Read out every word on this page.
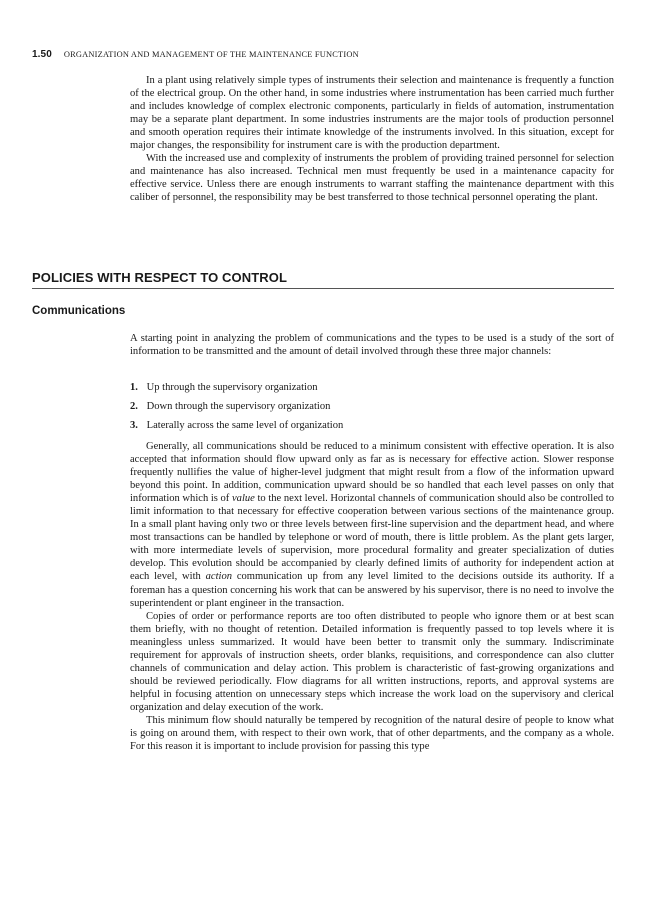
1.50 ORGANIZATION AND MANAGEMENT OF THE MAINTENANCE FUNCTION

In a plant using relatively simple types of instruments their selection and maintenance is frequently a function of the electrical group. On the other hand, in some industries where instrumentation has been carried much further and includes knowledge of complex electronic components, particularly in fields of automation, instrumentation may be a separate plant department. In some industries instruments are the major tools of production personnel and smooth operation requires their intimate knowledge of the instruments involved. In this situation, except for major changes, the responsibility for instrument care is with the production department.

With the increased use and complexity of instruments the problem of providing trained personnel for selection and maintenance has also increased. Technical men must frequently be used in a maintenance capacity for effective service. Unless there are enough instruments to warrant staffing the maintenance department with this caliber of personnel, the responsibility may be best transferred to those technical personnel operating the plant.

POLICIES WITH RESPECT TO CONTROL
Communications

A starting point in analyzing the problem of communications and the types to be used is a study of the sort of information to be transmitted and the amount of detail involved through these three major channels:

1. Up through the supervisory organization
2. Down through the supervisory organization
3. Laterally across the same level of organization

Generally, all communications should be reduced to a minimum consistent with effective operation. It is also accepted that information should flow upward only as far as is necessary for effective action. Slower response frequently nullifies the value of higher-level judgment that might result from a flow of the information upward beyond this point. In addition, communication upward should be so handled that each level passes on only that information which is of value to the next level. Horizontal channels of communication should also be controlled to limit information to that necessary for effective cooperation between various sections of the maintenance group. In a small plant having only two or three levels between first-line supervision and the department head, and where most transactions can be handled by telephone or word of mouth, there is little problem. As the plant gets larger, with more intermediate levels of supervision, more procedural formality and greater specialization of duties develop. This evolution should be accompanied by clearly defined limits of authority for independent action at each level, with action communication up from any level limited to the decisions outside its authority. If a foreman has a question concerning his work that can be answered by his supervisor, there is no need to involve the superintendent or plant engineer in the transaction.

Copies of order or performance reports are too often distributed to people who ignore them or at best scan them briefly, with no thought of retention. Detailed information is frequently passed to top levels where it is meaningless unless summarized. It would have been better to transmit only the summary. Indiscriminate requirement for approvals of instruction sheets, order blanks, requisitions, and correspondence can also clutter channels of communication and delay action. This problem is characteristic of fast-growing organizations and should be reviewed periodically. Flow diagrams for all written instructions, reports, and approval systems are helpful in focusing attention on unnecessary steps which increase the work load on the supervisory and clerical organization and delay execution of the work.

This minimum flow should naturally be tempered by recognition of the natural desire of people to know what is going on around them, with respect to their own work, that of other departments, and the company as a whole. For this reason it is important to include provision for passing this type
